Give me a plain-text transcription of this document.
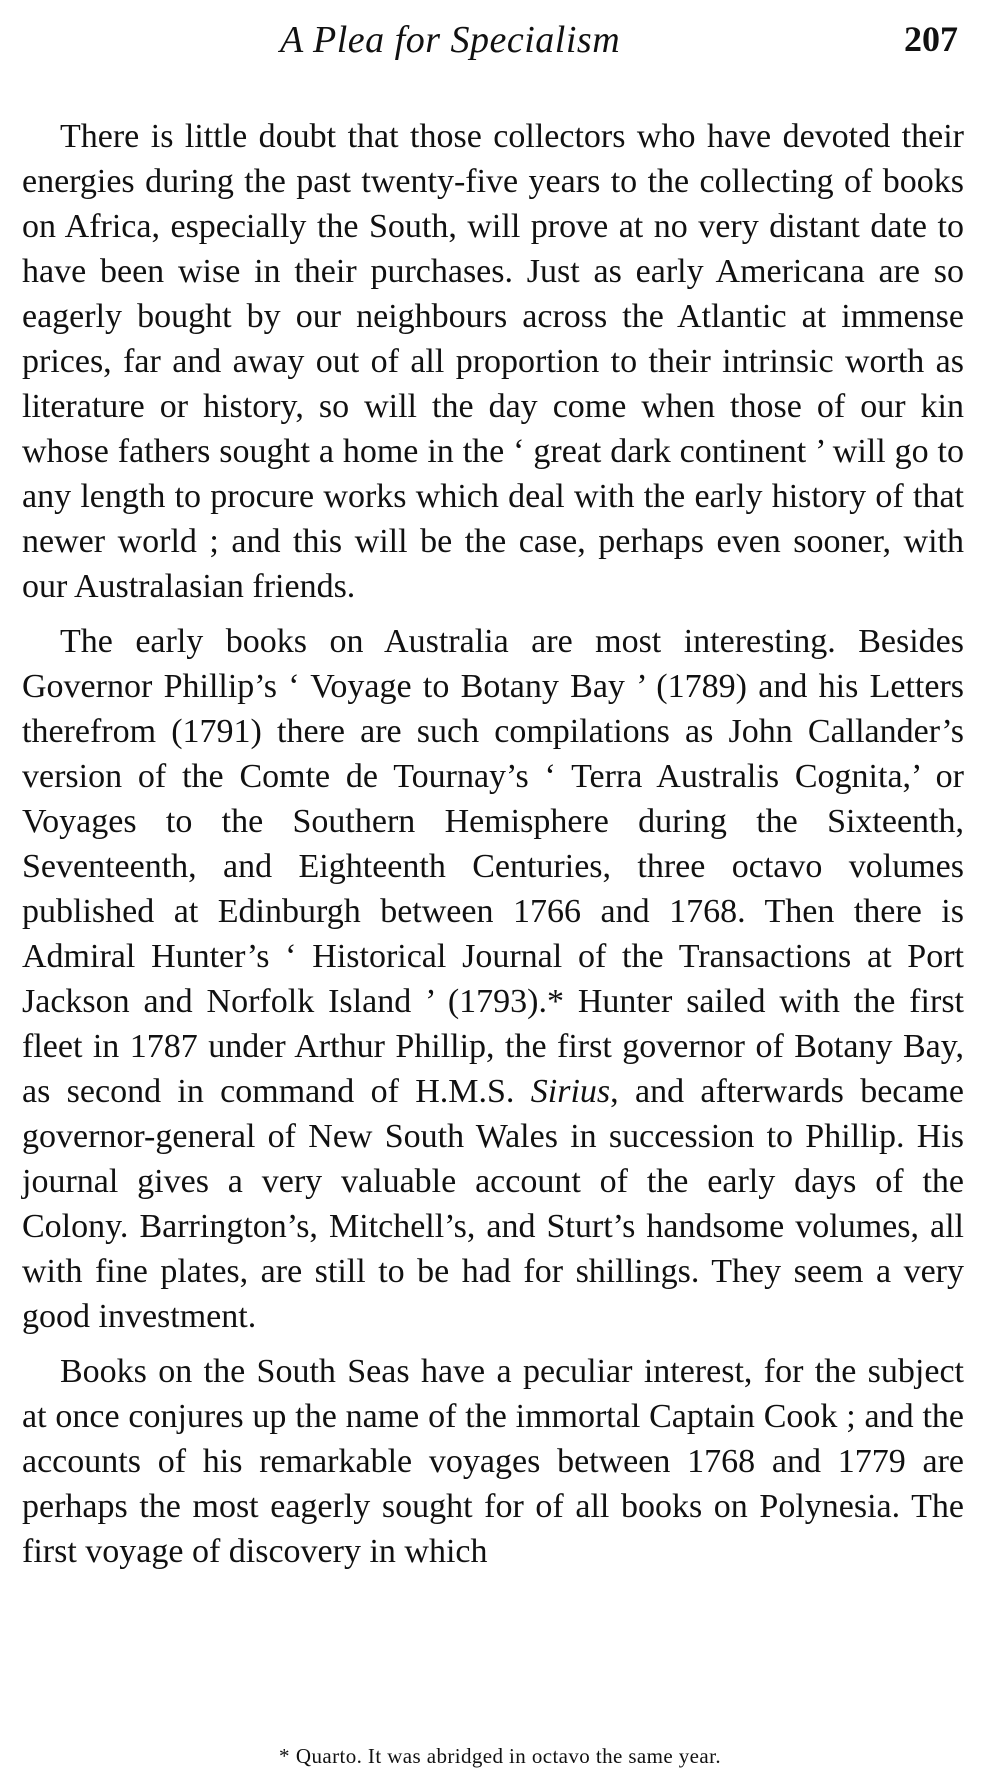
A Plea for Specialism	207

There is little doubt that those collectors who have devoted their energies during the past twenty-five years to the collecting of books on Africa, especially the South, will prove at no very distant date to have been wise in their purchases. Just as early Americana are so eagerly bought by our neighbours across the Atlantic at immense prices, far and away out of all proportion to their intrinsic worth as literature or history, so will the day come when those of our kin whose fathers sought a home in the ‘ great dark continent ’ will go to any length to procure works which deal with the early history of that newer world ; and this will be the case, perhaps even sooner, with our Australasian friends.

The early books on Australia are most interesting. Besides Governor Phillip’s ‘ Voyage to Botany Bay ’ (1789) and his Letters therefrom (1791) there are such compilations as John Callander’s version of the Comte de Tournay’s ‘ Terra Australis Cognita,’ or Voyages to the Southern Hemisphere during the Sixteenth, Seventeenth, and Eighteenth Centuries, three octavo volumes published at Edinburgh between 1766 and 1768. Then there is Admiral Hunter’s ‘ Historical Journal of the Transactions at Port Jackson and Norfolk Island ’ (1793).* Hunter sailed with the first fleet in 1787 under Arthur Phillip, the first governor of Botany Bay, as second in command of H.M.S. Sirius, and afterwards became governor-general of New South Wales in succession to Phillip. His journal gives a very valuable account of the early days of the Colony. Barrington’s, Mitchell’s, and Sturt’s handsome volumes, all with fine plates, are still to be had for shillings. They seem a very good investment.

Books on the South Seas have a peculiar interest, for the subject at once conjures up the name of the immortal Captain Cook ; and the accounts of his remarkable voyages between 1768 and 1779 are perhaps the most eagerly sought for of all books on Polynesia. The first voyage of discovery in which

* Quarto. It was abridged in octavo the same year.
